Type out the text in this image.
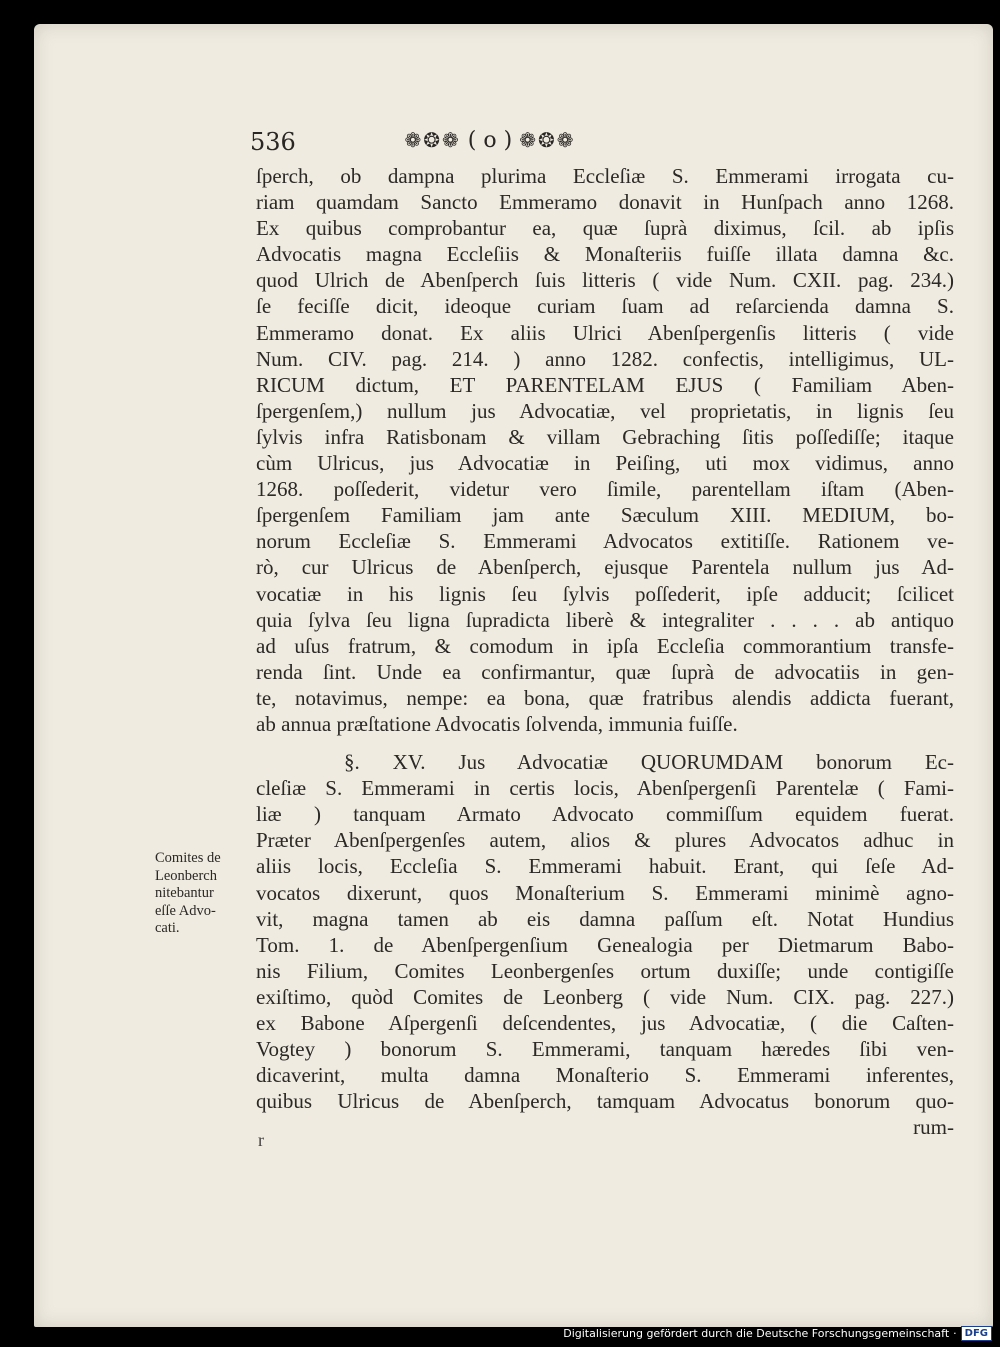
536	❁❂❁ ( o ) ❁❂❁
ſperch, ob dampna plurima Eccleſiæ S. Emmerami irrogata cu-
riam quamdam Sancto Emmeramo donavit in Hunſpach anno 1268.
Ex quibus comprobantur ea, quæ ſuprà diximus, ſcil. ab ipſis
Advocatis magna Eccleſiis & Monaſteriis fuiſſe illata damna &c.
quod Ulrich de Abenſperch ſuis litteris ( vide Num. CXII. pag. 234.)
ſe feciſſe dicit, ideoque curiam ſuam ad reſarcienda damna S.
Emmeramo donat. Ex aliis Ulrici Abenſpergenſis litteris ( vide
Num. CIV. pag. 214. ) anno 1282. confectis, intelligimus, UL-
RICUM dictum, ET PARENTELAM EJUS ( Familiam Aben-
ſpergenſem,) nullum jus Advocatiæ, vel proprietatis, in lignis ſeu
ſylvis infra Ratisbonam & villam Gebraching ſitis poſſediſſe; itaque
cùm Ulricus, jus Advocatiæ in Peiſing, uti mox vidimus, anno
1268. poſſederit, videtur vero ſimile, parentellam iſtam (Aben-
ſpergenſem Familiam jam ante Sæculum XIII. MEDIUM, bo-
norum Eccleſiæ S. Emmerami Advocatos extitiſſe. Rationem ve-
rò, cur Ulricus de Abenſperch, ejusque Parentela nullum jus Ad-
vocatiæ in his lignis ſeu ſylvis poſſederit, ipſe adducit; ſcilicet
quia ſylva ſeu ligna ſupradicta liberè & integraliter . . . . ab antiquo
ad uſus fratrum, & comodum in ipſa Eccleſia commorantium transfe-
renda ſint. Unde ea confirmantur, quæ ſuprà de advocatiis in gen-
te, notavimus, nempe: ea bona, quæ fratribus alendis addicta fuerant,
ab annua præſtatione Advocatis ſolvenda, immunia fuiſſe.
§. XV. Jus Advocatiæ QUORUMDAM bonorum Ec-
cleſiæ S. Emmerami in certis locis, Abenſpergenſi Parentelæ ( Fami-
liæ ) tanquam Armato Advocato commiſſum equidem fuerat.
Præter Abenſpergenſes autem, alios & plures Advocatos adhuc in
aliis locis, Eccleſia S. Emmerami habuit. Erant, qui ſeſe Ad-
vocatos dixerunt, quos Monaſterium S. Emmerami minimè agno-
vit, magna tamen ab eis damna paſſum eſt. Notat Hundius
Tom. 1. de Abenſpergenſium Genealogia per Dietmarum Babo-
nis Filium, Comites Leonbergenſes ortum duxiſſe; unde contigiſſe
exiſtimo, quòd Comites de Leonberg ( vide Num. CIX. pag. 227.)
ex Babone Aſpergenſi deſcendentes, jus Advocatiæ, ( die Caſten-
Vogtey ) bonorum S. Emmerami, tanquam hæredes ſibi ven-
dicaverint, multa damna Monaſterio S. Emmerami inferentes,
quibus Ulricus de Abenſperch, tamquam Advocatus bonorum quo-
rum-
Comites de
Leonberch
nitebantur
eſſe Advo-
cati.
r
Digitalisierung gefördert durch die Deutsche Forschungsgemeinschaft · DFG
